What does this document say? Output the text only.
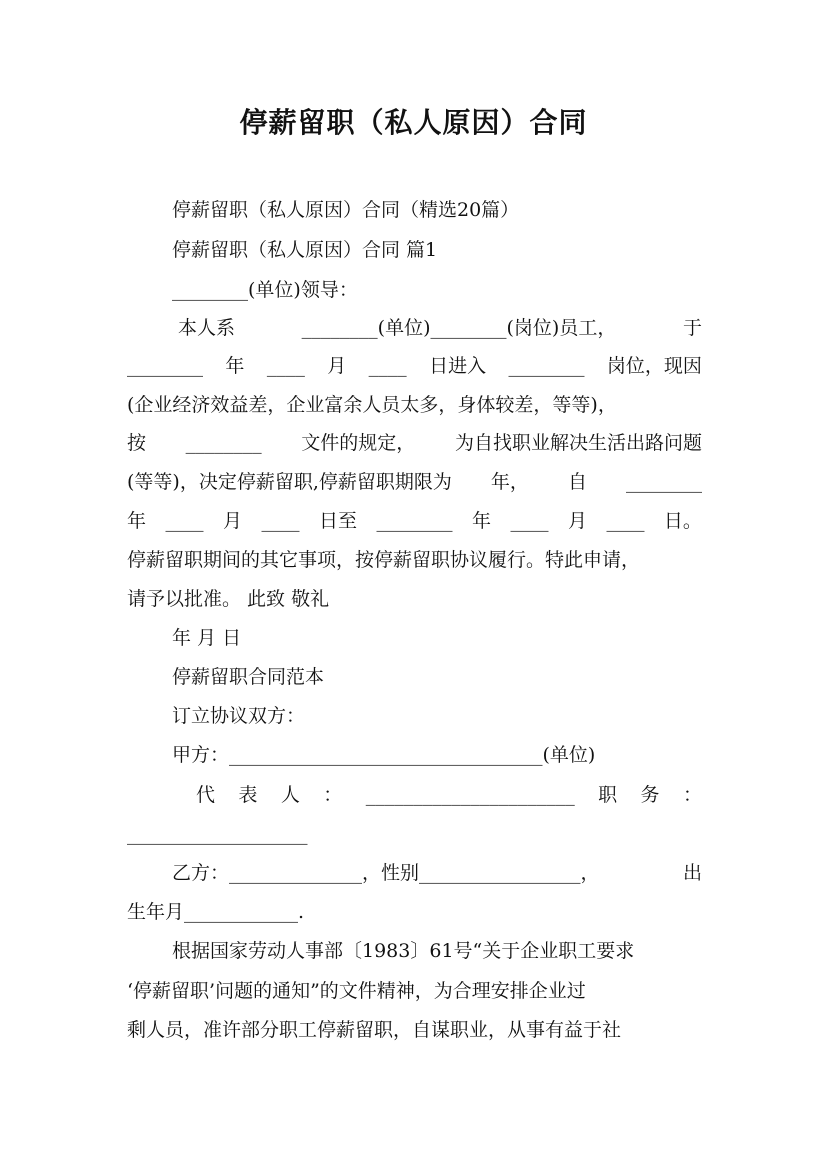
停薪留职（私人原因）合同
停薪留职（私人原因）合同（精选20篇）
停薪留职（私人原因）合同 篇1
________(单位)领导：
本人系	________(单位)________(岗位)员工，	于
________ 年 ____ 月 ____ 日进入 ________ 岗位，现因
(企业经济效益差，企业富余人员太多，身体较差，等等)，
按 ________ 文件的规定， 为自找职业解决生活出路问题
(等等)，决定停薪留职,停薪留职期限为 年， 自 ________
年 ____ 月 ____ 日至 ________ 年 ____ 月 ____ 日。
停薪留职期间的其它事项，按停薪留职协议履行。特此申请，
请予以批准。 此致 敬礼
年 月 日
停薪留职合同范本
订立协议双方：
甲方：_________________________________(单位)
代 表 人 ： ______________________ 职 务 ：
___________________
乙方：______________，性别_________________，	出
生年月____________.
根据国家劳动人事部〔1983〕61号“关于企业职工要求
‘停薪留职’问题的通知”的文件精神，为合理安排企业过
剩人员，准许部分职工停薪留职，自谋职业，从事有益于社
